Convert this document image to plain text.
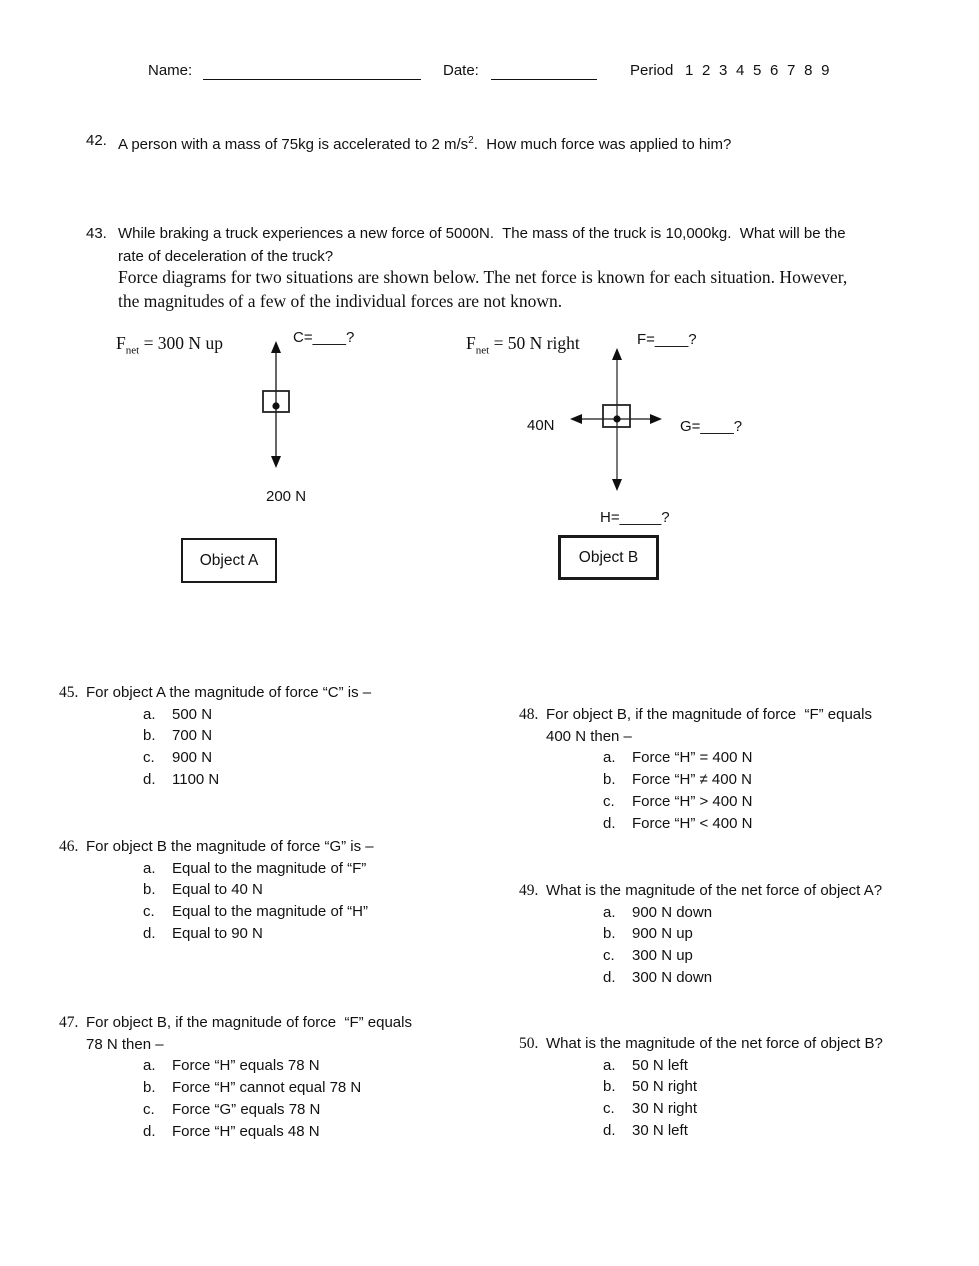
Name:	Date:	Period 1 2 3 4 5 6 7 8 9
42. A person with a mass of 75kg is accelerated to 2 $m/s^2$.  How much force was applied to him?
43. While braking a truck experiences a new force of 5000N.  The mass of the truck is 10,000kg.  What will be the
rate of deceleration of the truck?
Force diagrams for two situations are shown below. The net force is known for each situation. However,
the magnitudes of a few of the individual forces are not known.
$F_{net} = 300$ N up	C=____?
200 N
Object A
$F_{net} = 50$ N right	F=____?
40N	G=____?
H=_____?
Object B
45. For object A the magnitude of force “C” is –
a.	500 N
b.	700 N
c.	900 N
d.	1100 N
46. For object B the magnitude of force “G” is –
a.	Equal to the magnitude of “F”
b.	Equal to 40 N
c.	Equal to the magnitude of “H”
d.	Equal to 90 N
47. For object B, if the magnitude of force  “F” equals
78 N then –
a.	Force “H” equals 78 N
b.	Force “H” cannot equal 78 N
c.	Force “G” equals 78 N
d.	Force “H” equals 48 N
48. For object B, if the magnitude of force  “F” equals
400 N then –
a.	Force “H” = 400 N
b.	Force “H” ≠ 400 N
c.	Force “H” > 400 N
d.	Force “H” < 400 N
49. What is the magnitude of the net force of object A?
a.	900 N down
b.	900 N up
c.	300 N up
d.	300 N down
50. What is the magnitude of the net force of object B?
a.	50 N left
b.	50 N right
c.	30 N right
d.	30 N left
